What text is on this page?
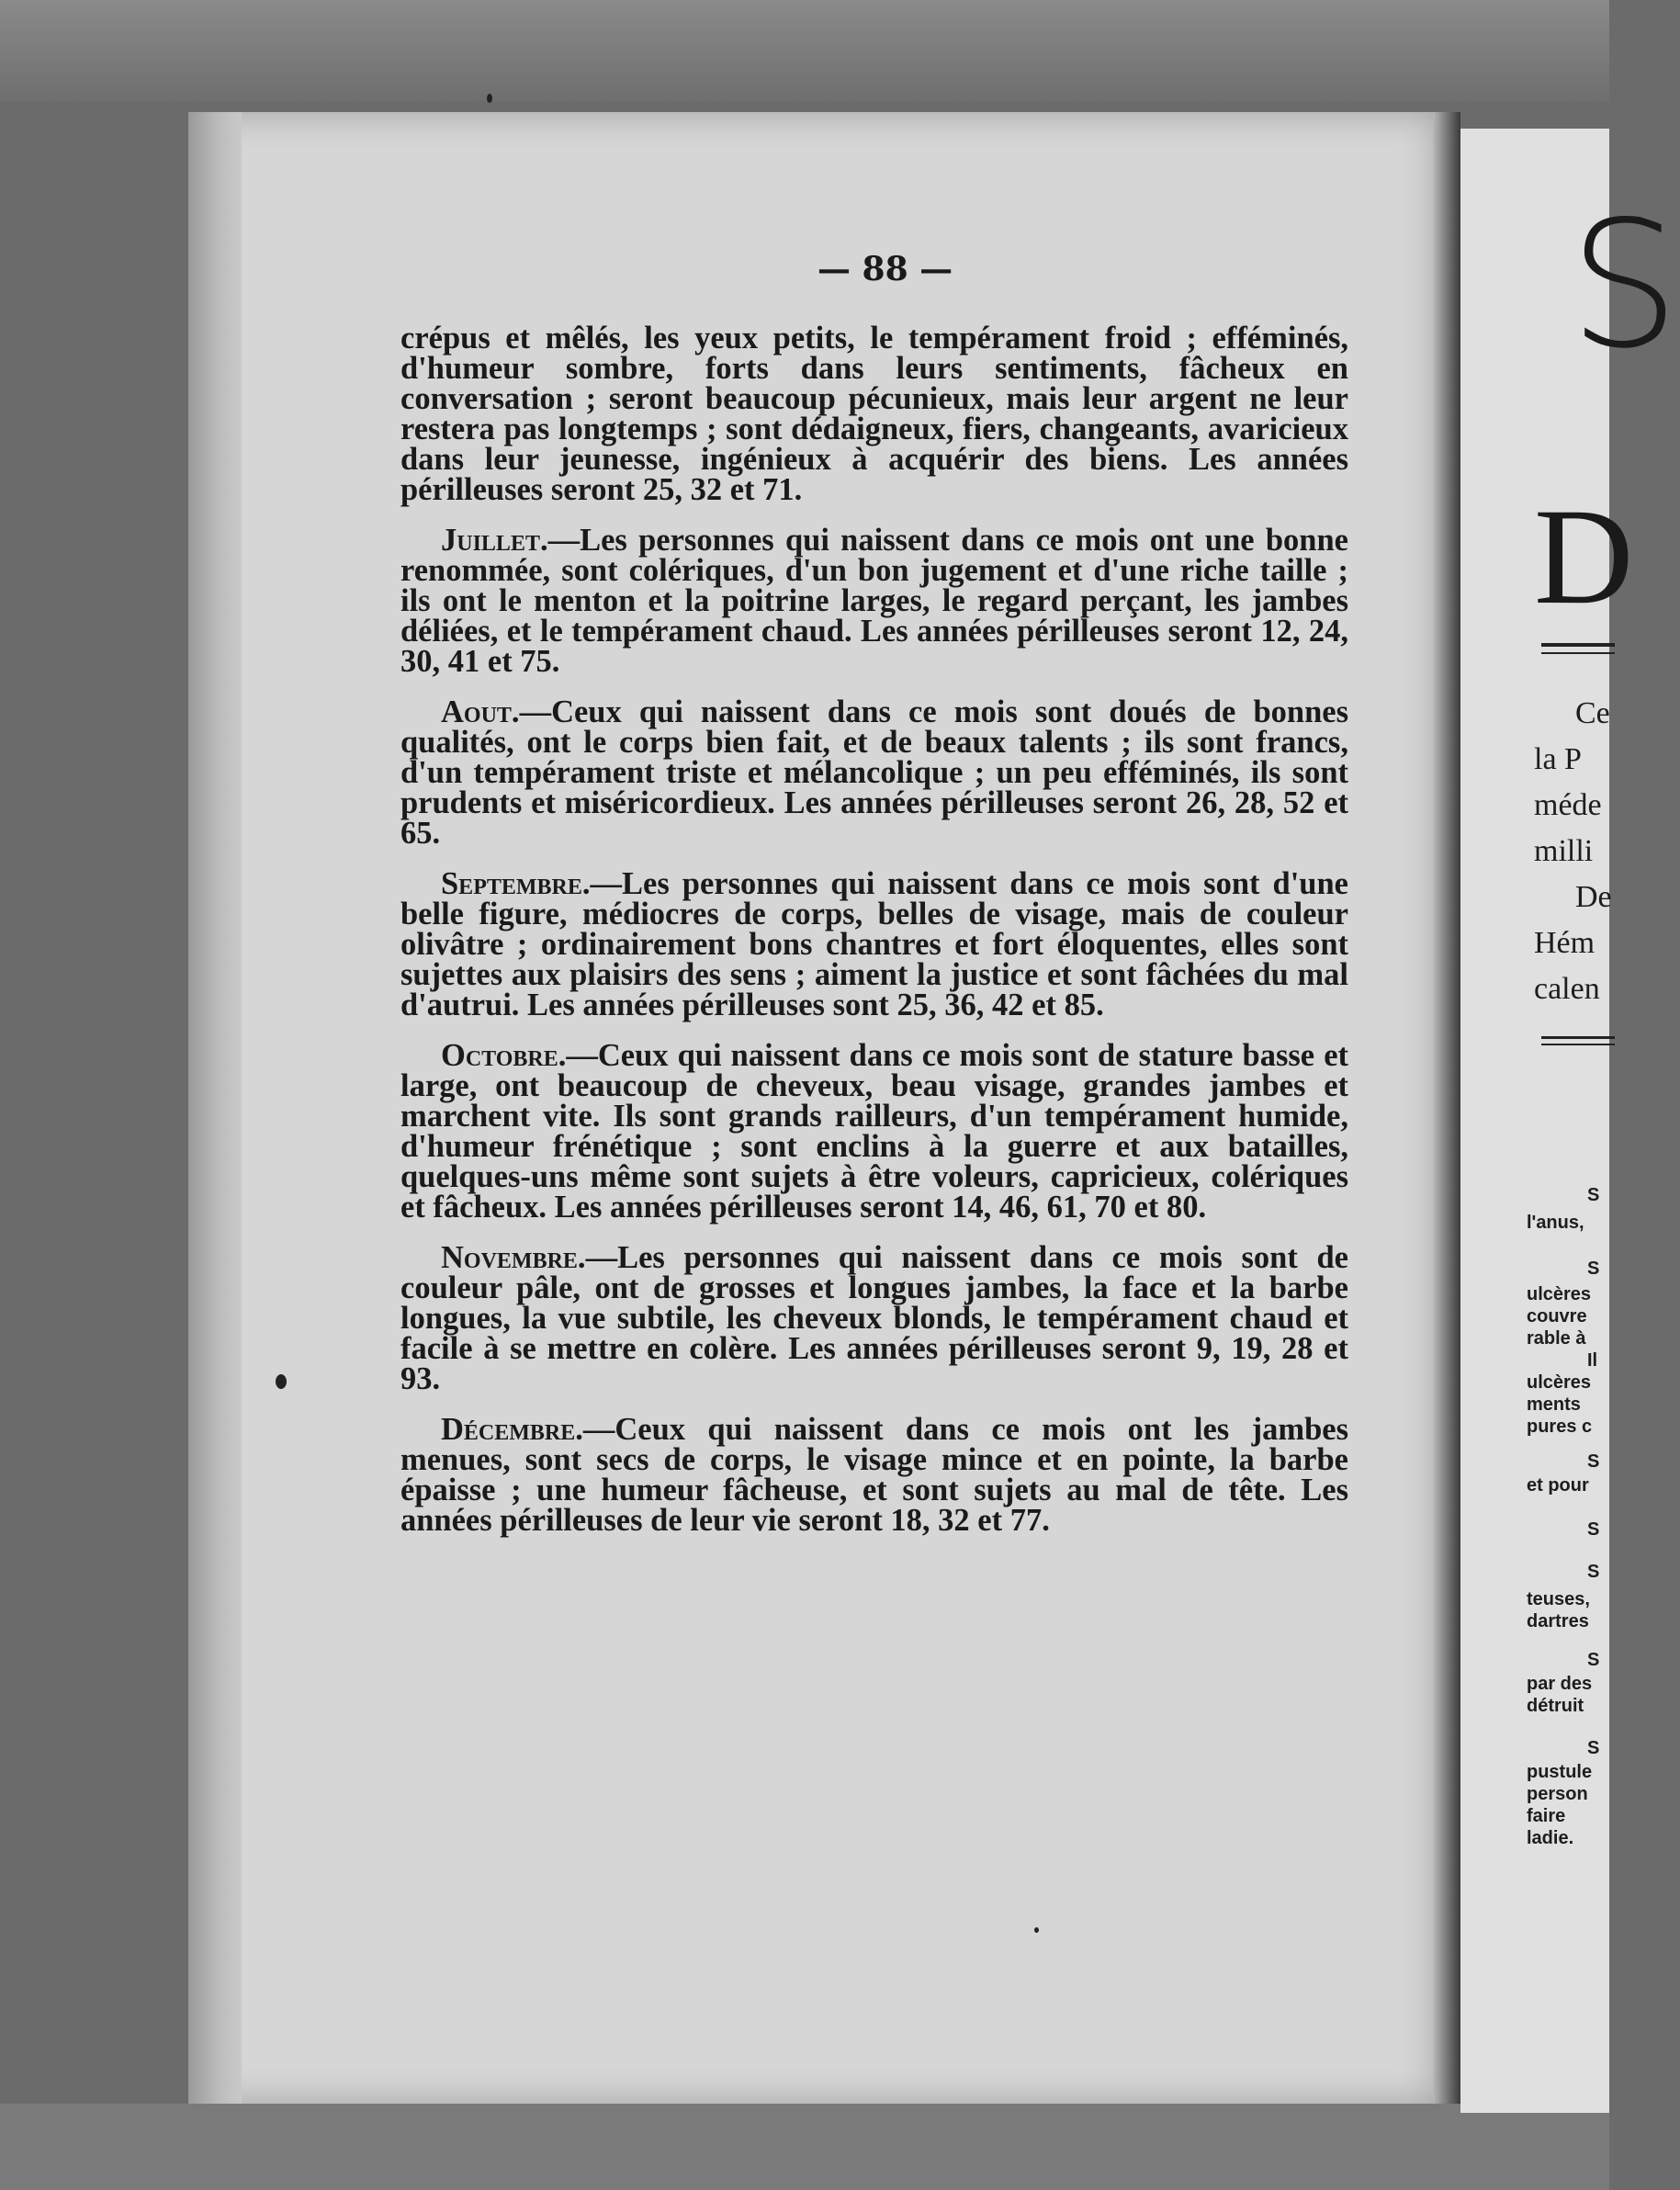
— 88 —

crépus et mêlés, les yeux petits, le tempérament froid ; efféminés, d'humeur sombre, forts dans leurs sentiments, fâcheux en conversation ; seront beaucoup pécunieux, mais leur argent ne leur restera pas longtemps ; sont dédaigneux, fiers, changeants, avaricieux dans leur jeunesse, ingénieux à acquérir des biens. Les années périlleuses seront 25, 32 et 71.

Juillet.—Les personnes qui naissent dans ce mois ont une bonne renommée, sont colériques, d'un bon jugement et d'une riche taille ; ils ont le menton et la poitrine larges, le regard perçant, les jambes déliées, et le tempérament chaud. Les années périlleuses seront 12, 24, 30, 41 et 75.

Aout.—Ceux qui naissent dans ce mois sont doués de bonnes qualités, ont le corps bien fait, et de beaux talents ; ils sont francs, d'un tempérament triste et mélancolique ; un peu efféminés, ils sont prudents et miséricordieux. Les années périlleuses seront 26, 28, 52 et 65.

Septembre.—Les personnes qui naissent dans ce mois sont d'une belle figure, médiocres de corps, belles de visage, mais de couleur olivâtre ; ordinairement bons chantres et fort éloquentes, elles sont sujettes aux plaisirs des sens ; aiment la justice et sont fâchées du mal d'autrui. Les années périlleuses sont 25, 36, 42 et 85.

Octobre.—Ceux qui naissent dans ce mois sont de stature basse et large, ont beaucoup de cheveux, beau visage, grandes jambes et marchent vite. Ils sont grands railleurs, d'un tempérament humide, d'humeur frénétique ; sont enclins à la guerre et aux batailles, quelques-uns même sont sujets à être voleurs, capricieux, colériques et fâcheux. Les années périlleuses seront 14, 46, 61, 70 et 80.

Novembre.—Les personnes qui naissent dans ce mois sont de couleur pâle, ont de grosses et longues jambes, la face et la barbe longues, la vue subtile, les cheveux blonds, le tempérament chaud et facile à se mettre en colère. Les années périlleuses seront 9, 19, 28 et 93.

Décembre.—Ceux qui naissent dans ce mois ont les jambes menues, sont secs de corps, le visage mince et en pointe, la barbe épaisse ; une humeur fâcheuse, et sont sujets au mal de tête. Les années périlleuses de leur vie seront 18, 32 et 77.

S
D
Ce
la P
méde
milli
De
Hém
calen
S
l'anus,
S
ulcères
couvre
rable à
Il
ulcères
ments
pures c
S
et pour
S
S
teuses,
dartres
S
par des
détruit
S
pustule
person
faire
ladie.
